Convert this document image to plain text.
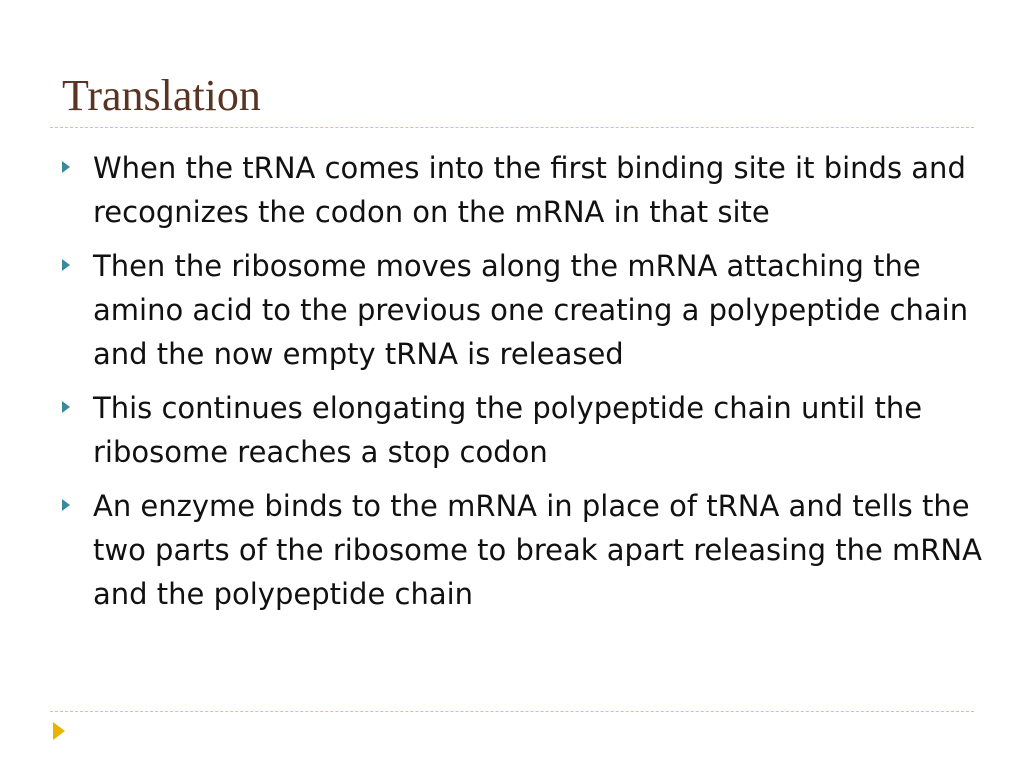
Translation
When the tRNA comes into the first binding site it binds and recognizes the codon on the mRNA in that site
Then the ribosome moves along the mRNA attaching the amino acid to the previous one creating a polypeptide chain and the now empty tRNA is released
This continues elongating the polypeptide chain until the ribosome reaches a stop codon
An enzyme binds to the mRNA in place of tRNA and tells the two parts of the ribosome to break apart releasing the mRNA and the polypeptide chain
